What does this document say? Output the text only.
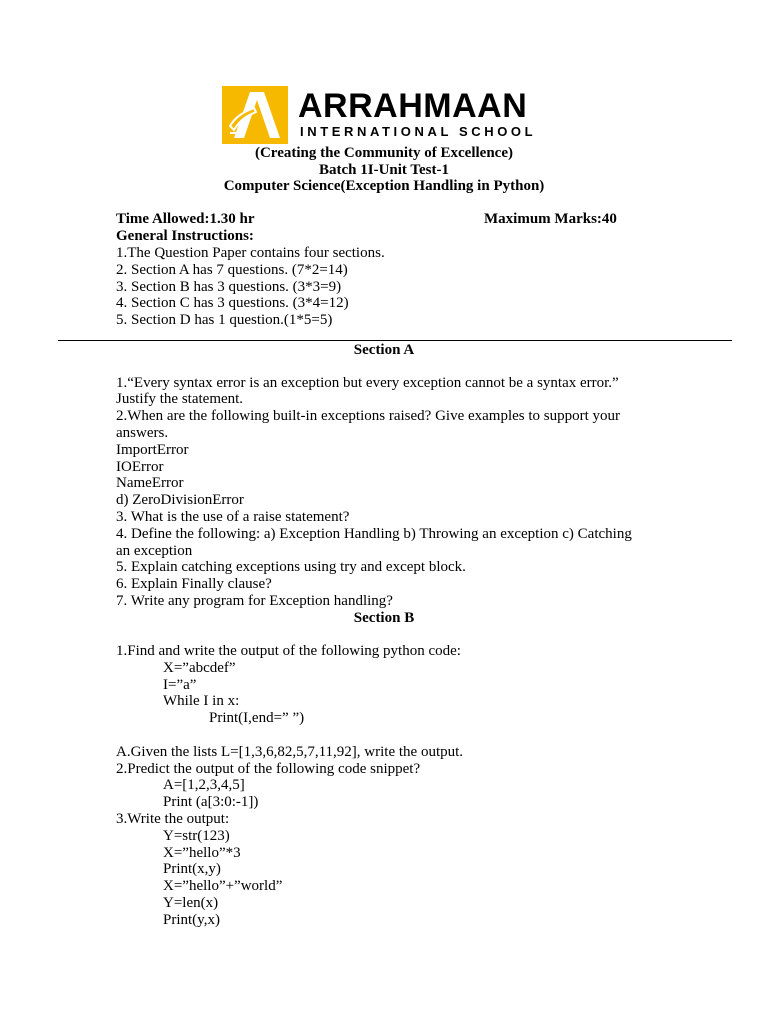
ARRAHMAAN
INTERNATIONAL SCHOOL
(Creating the Community of Excellence)
Batch 1I-Unit Test-1
Computer Science(Exception Handling in Python)
Time Allowed:1.30 hr	Maximum Marks:40
General Instructions:
1.The Question Paper contains four sections.
2. Section A has 7 questions. (7*2=14)
3. Section B has 3 questions. (3*3=9)
4. Section C has 3 questions. (3*4=12)
5. Section D has 1 question.(1*5=5)
Section A
1.“Every syntax error is an exception but every exception cannot be a syntax error.”
Justify the statement.
2.When are the following built-in exceptions raised? Give examples to support your
answers.
ImportError
IOError
NameError
d) ZeroDivisionError
3. What is the use of a raise statement?
4. Define the following: a) Exception Handling b) Throwing an exception c) Catching
an exception
5. Explain catching exceptions using try and except block.
6. Explain Finally clause?
7. Write any program for Exception handling?
Section B
1.Find and write the output of the following python code:
X=”abcdef”
I=”a”
While I in x:
Print(I,end=” ”)
A.Given the lists L=[1,3,6,82,5,7,11,92], write the output.
2.Predict the output of the following code snippet?
A=[1,2,3,4,5]
Print (a[3:0:-1])
3.Write the output:
Y=str(123)
X=”hello”*3
Print(x,y)
X=”hello”+”world”
Y=len(x)
Print(y,x)
